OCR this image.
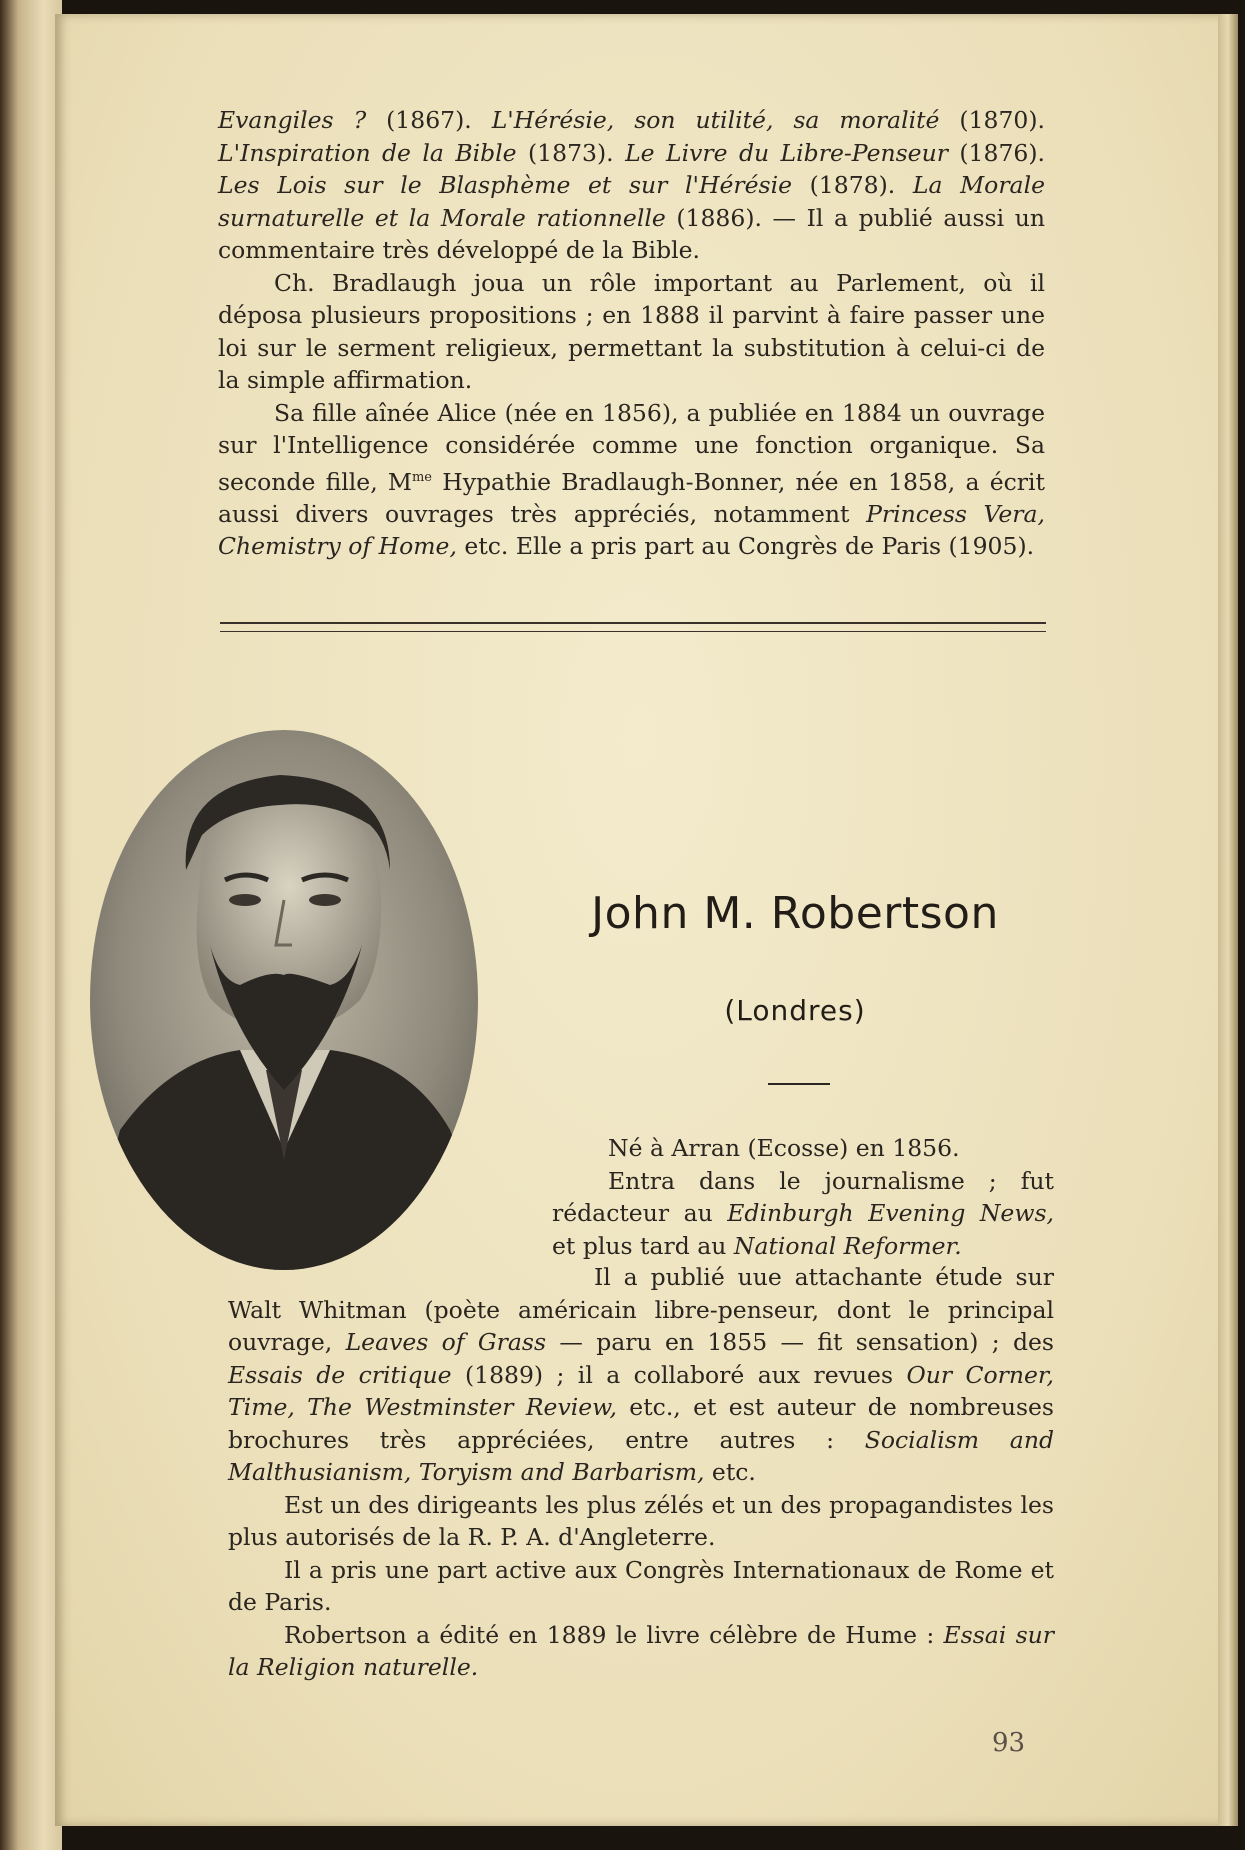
Evangiles ? (1867). L'Hérésie, son utilité, sa moralité (1870). L'Inspiration de la Bible (1873). Le Livre du Libre-Penseur (1876). Les Lois sur le Blasphème et sur l'Hérésie (1878). La Morale surnaturelle et la Morale rationnelle (1886). — Il a publié aussi un commentaire très développé de la Bible.

Ch. Bradlaugh joua un rôle important au Parlement, où il déposa plusieurs propositions ; en 1888 il parvint à faire passer une loi sur le serment religieux, permettant la substitution à celui-ci de la simple affirmation.

Sa fille aînée Alice (née en 1856), a publiée en 1884 un ouvrage sur l'Intelligence considérée comme une fonction organique. Sa seconde fille, $M^{me}$ Hypathie Bradlaugh-Bonner, née en 1858, a écrit aussi divers ouvrages très appréciés, notamment Princess Vera, Chemistry of Home, etc. Elle a pris part au Congrès de Paris (1905).

John M. Robertson
(Londres)

Né à Arran (Ecosse) en 1856.

Entra dans le journalisme ; fut rédacteur au Edinburgh Evening News, et plus tard au National Reformer.

Il a publié uue attachante étude sur Walt Whitman (poète américain libre-penseur, dont le principal ouvrage, Leaves of Grass — paru en 1855 — fit sensation) ; des Essais de critique (1889) ; il a collaboré aux revues Our Corner, Time, The Westminster Review, etc., et est auteur de nombreuses brochures très appréciées, entre autres : Socialism and Malthusianism, Toryism and Barbarism, etc.

Est un des dirigeants les plus zélés et un des propagandistes les plus autorisés de la R. P. A. d'Angleterre.

Il a pris une part active aux Congrès Internationaux de Rome et de Paris.

Robertson a édité en 1889 le livre célèbre de Hume : Essai sur la Religion naturelle.

93
